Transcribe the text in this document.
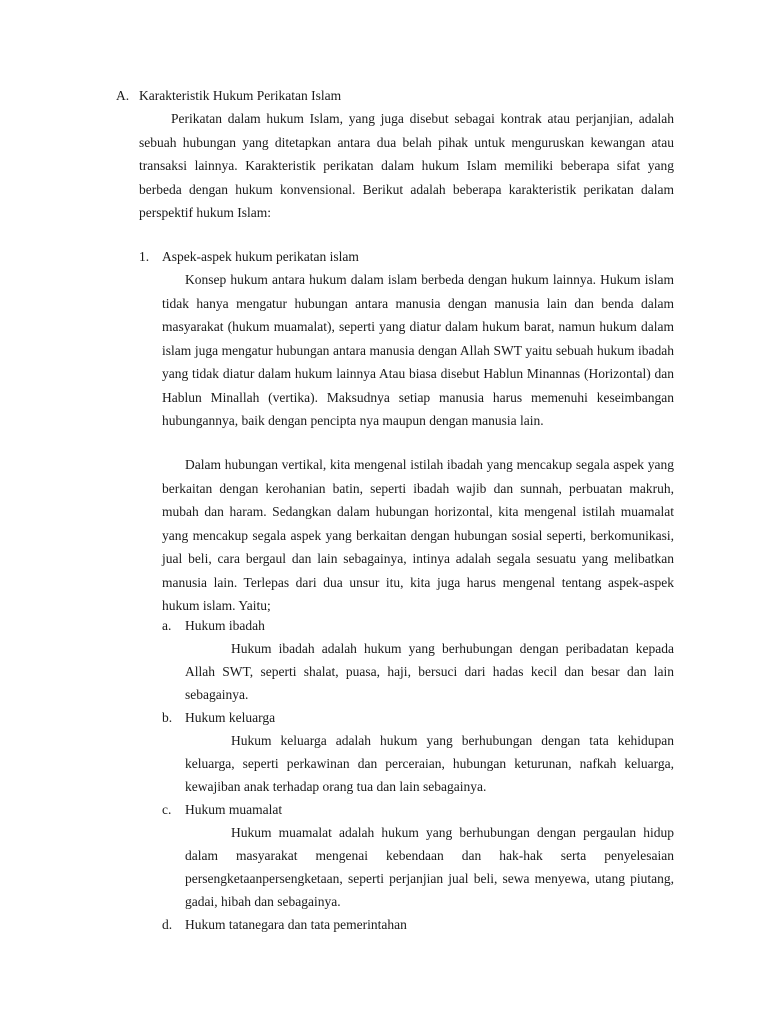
A. Karakteristik Hukum Perikatan Islam

Perikatan dalam hukum Islam, yang juga disebut sebagai kontrak atau perjanjian, adalah sebuah hubungan yang ditetapkan antara dua belah pihak untuk menguruskan kewangan atau transaksi lainnya. Karakteristik perikatan dalam hukum Islam memiliki beberapa sifat yang berbeda dengan hukum konvensional. Berikut adalah beberapa karakteristik perikatan dalam perspektif hukum Islam:

1. Aspek-aspek hukum perikatan islam

Konsep hukum antara hukum dalam islam berbeda dengan hukum lainnya. Hukum islam tidak hanya mengatur hubungan antara manusia dengan manusia lain dan benda dalam masyarakat (hukum muamalat), seperti yang diatur dalam hukum barat, namun hukum dalam islam juga mengatur hubungan antara manusia dengan Allah SWT yaitu sebuah hukum ibadah yang tidak diatur dalam hukum lainnya Atau biasa disebut Hablun Minannas (Horizontal) dan Hablun Minallah (vertika). Maksudnya setiap manusia harus memenuhi keseimbangan hubungannya, baik dengan pencipta nya maupun dengan manusia lain.

Dalam hubungan vertikal, kita mengenal istilah ibadah yang mencakup segala aspek yang berkaitan dengan kerohanian batin, seperti ibadah wajib dan sunnah, perbuatan makruh, mubah dan haram. Sedangkan dalam hubungan horizontal, kita mengenal istilah muamalat yang mencakup segala aspek yang berkaitan dengan hubungan sosial seperti, berkomunikasi, jual beli, cara bergaul dan lain sebagainya, intinya adalah segala sesuatu yang melibatkan manusia lain. Terlepas dari dua unsur itu, kita juga harus mengenal tentang aspek-aspek hukum islam. Yaitu;

a. Hukum ibadah

Hukum ibadah adalah hukum yang berhubungan dengan peribadatan kepada Allah SWT, seperti shalat, puasa, haji, bersuci dari hadas kecil dan besar dan lain sebagainya.

b. Hukum keluarga

Hukum keluarga adalah hukum yang berhubungan dengan tata kehidupan keluarga, seperti perkawinan dan perceraian, hubungan keturunan, nafkah keluarga, kewajiban anak terhadap orang tua dan lain sebagainya.

c. Hukum muamalat

Hukum muamalat adalah hukum yang berhubungan dengan pergaulan hidup dalam masyarakat mengenai kebendaan dan hak-hak serta penyelesaian persengketaanpersengketaan, seperti perjanjian jual beli, sewa menyewa, utang piutang, gadai, hibah dan sebagainya.

d. Hukum tatanegara dan tata pemerintahan
